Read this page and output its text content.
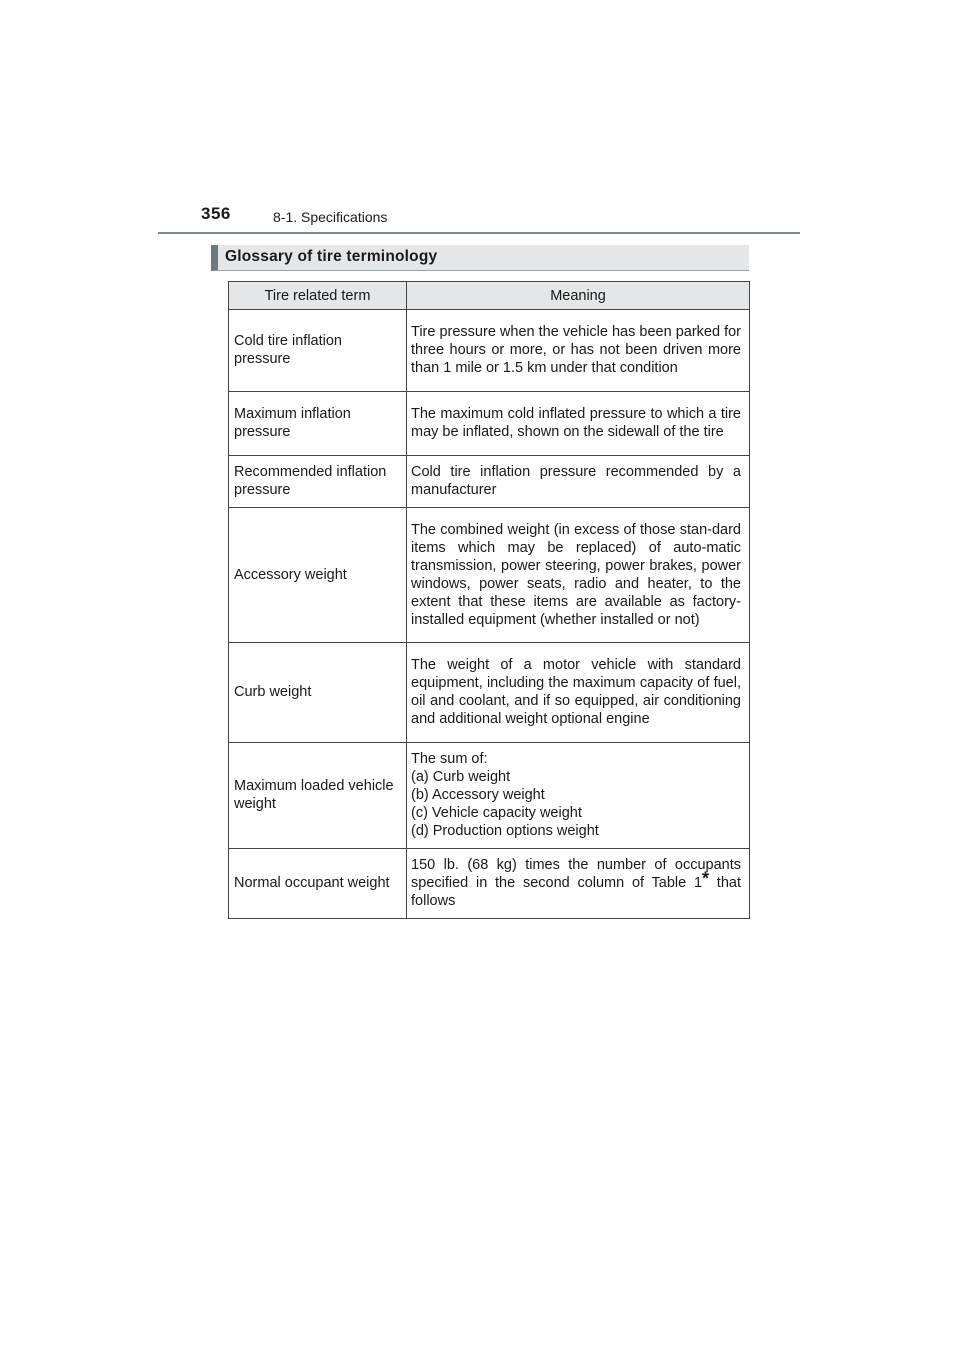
356	8-1. Specifications
Glossary of tire terminology
Tire related term	Meaning
Cold tire inflation pressure	Tire pressure when the vehicle has been parked for three hours or more, or has not been driven more than 1 mile or 1.5 km under that condition
Maximum inflation pressure	The maximum cold inflated pressure to which a tire may be inflated, shown on the sidewall of the tire
Recommended inflation pressure	Cold tire inflation pressure recommended by a manufacturer
Accessory weight	The combined weight (in excess of those stan-dard items which may be replaced) of auto-matic transmission, power steering, power brakes, power windows, power seats, radio and heater, to the extent that these items are available as factory-installed equipment (whether installed or not)
Curb weight	The weight of a motor vehicle with standard equipment, including the maximum capacity of fuel, oil and coolant, and if so equipped, air conditioning and additional weight optional engine
Maximum loaded vehicle weight	The sum of:
(a) Curb weight
(b) Accessory weight
(c) Vehicle capacity weight
(d) Production options weight

Normal occupant weight	150 lb. (68 kg) times the number of occupants specified in the second column of Table 1* that follows
